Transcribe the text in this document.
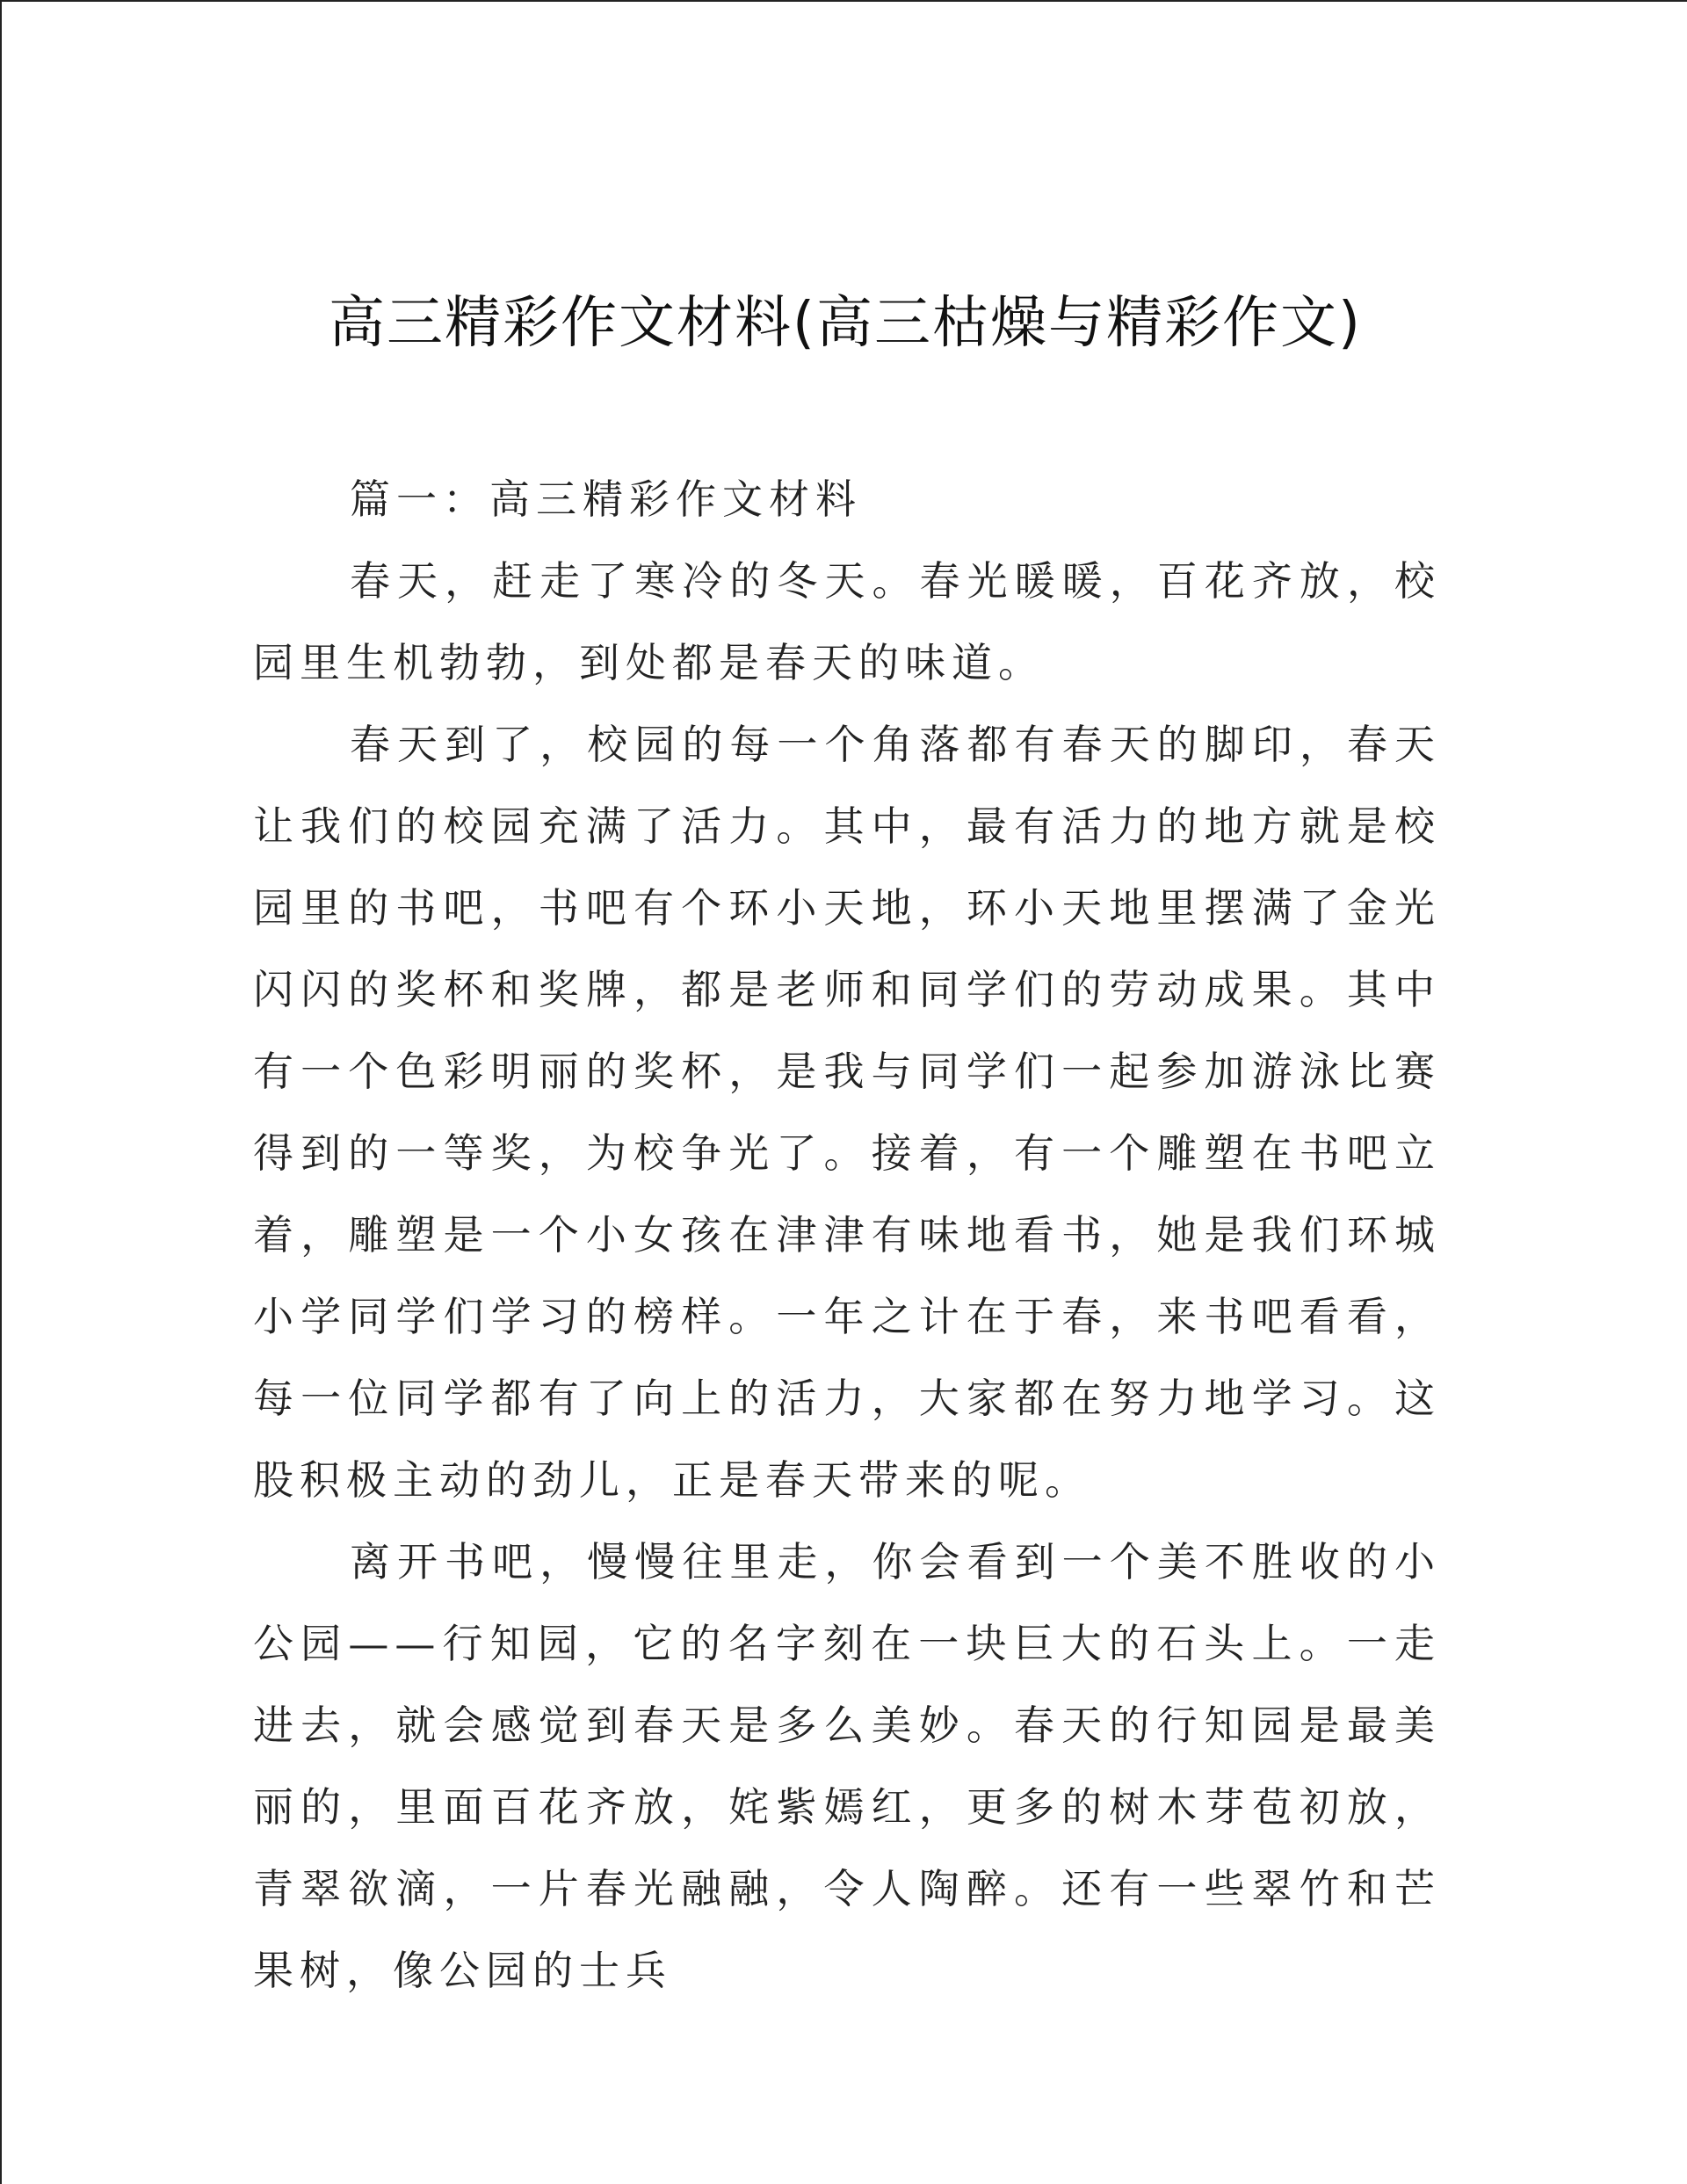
高三精彩作文材料(高三枯燥与精彩作文)

篇一：高三精彩作文材料

春天，赶走了寒冷的冬天。春光暖暖，百花齐放，校园里生机勃勃，到处都是春天的味道。

春天到了，校园的每一个角落都有春天的脚印，春天让我们的校园充满了活力。其中，最有活力的地方就是校园里的书吧，书吧有个环小天地，环小天地里摆满了金光闪闪的奖杯和奖牌，都是老师和同学们的劳动成果。其中有一个色彩明丽的奖杯，是我与同学们一起参加游泳比赛得到的一等奖，为校争光了。接着，有一个雕塑在书吧立着，雕塑是一个小女孩在津津有味地看书，她是我们环城小学同学们学习的榜样。一年之计在于春，来书吧看看，每一位同学都有了向上的活力，大家都在努力地学习。这股积极主动的劲儿，正是春天带来的呢。

离开书吧，慢慢往里走，你会看到一个美不胜收的小公园——行知园，它的名字刻在一块巨大的石头上。一走进去，就会感觉到春天是多么美妙。春天的行知园是最美丽的，里面百花齐放，姹紫嫣红，更多的树木芽苞初放，青翠欲滴，一片春光融融，令人陶醉。还有一些翠竹和芒果树，像公园的士兵
